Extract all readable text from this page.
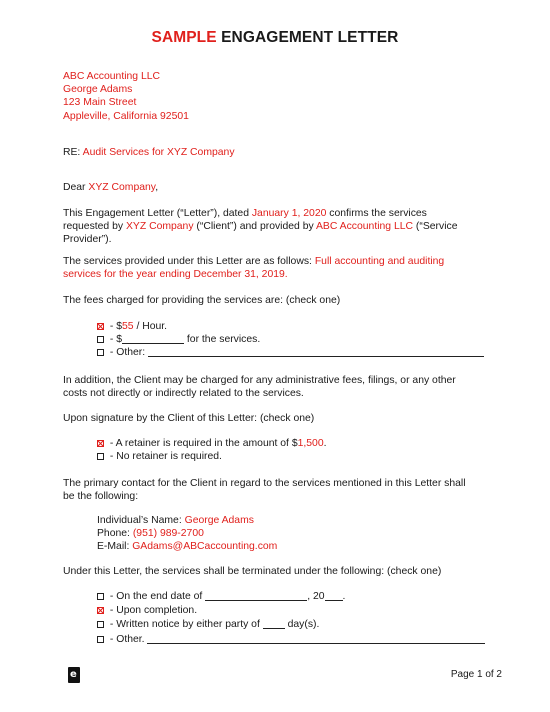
SAMPLE ENGAGEMENT LETTER
ABC Accounting LLC
George Adams
123 Main Street
Appleville, California 92501
RE: Audit Services for XYZ Company
Dear XYZ Company,
This Engagement Letter (“Letter”), dated January 1, 2020 confirms the services
requested by XYZ Company (“Client”) and provided by ABC Accounting LLC (“Service
Provider”).
The services provided under this Letter are as follows: Full accounting and auditing
services for the year ending December 31, 2019.
The fees charged for providing the services are: (check one)
- $55 / Hour.
- $	for the services.
- Other:
In addition, the Client may be charged for any administrative fees, filings, or any other
costs not directly or indirectly related to the services.
Upon signature by the Client of this Letter: (check one)
- A retainer is required in the amount of $1,500.
- No retainer is required.
The primary contact for the Client in regard to the services mentioned in this Letter shall
be the following:
Individual’s Name: George Adams
Phone: (951) 989-2700
E-Mail: GAdams@ABCaccounting.com
Under this Letter, the services shall be terminated under the following: (check one)
- On the end date of	, 20 .
- Upon completion.
- Written notice by either party of  day(s).
- Other.
e	Page 1 of 2
